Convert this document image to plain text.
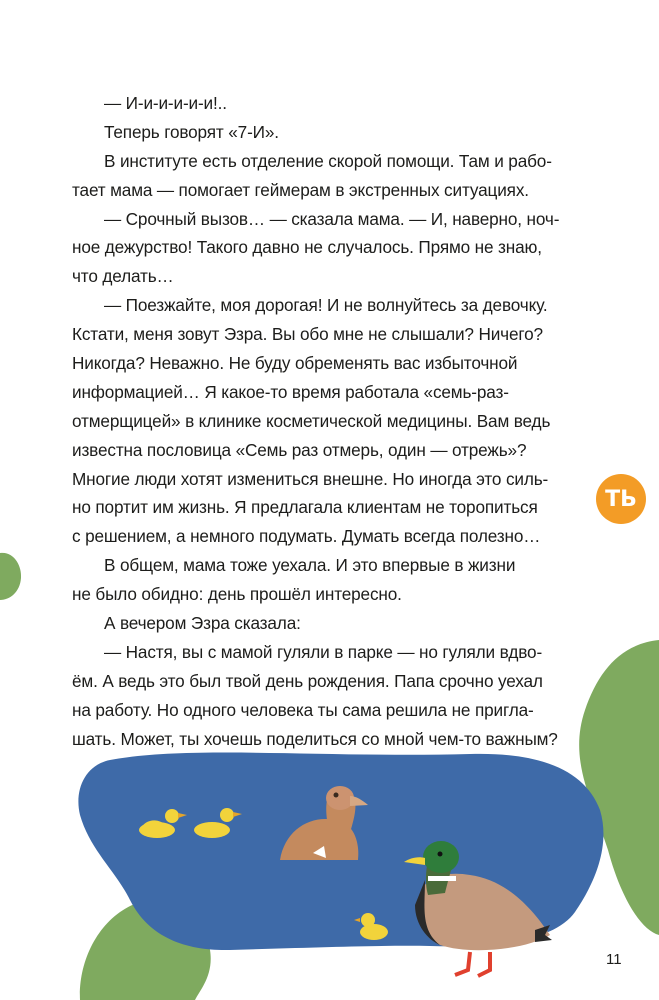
— И-и-и-и-и-и!..
Теперь говорят «7-И».
В институте есть отделение скорой помощи. Там и рабо-
тает мама — помогает геймерам в экстренных ситуациях.
— Срочный вызов… — сказала мама. — И, наверно, ноч-
ное дежурство! Такого давно не случалось. Прямо не знаю,
что делать…
— Поезжайте, моя дорогая! И не волнуйтесь за девочку.
Кстати, меня зовут Эзра. Вы обо мне не слышали? Ничего?
Никогда? Неважно. Не буду обременять вас избыточной
информацией… Я какое-то время работала «семь-раз-
отмерщицей» в клинике косметической медицины. Вам ведь
известна пословица «Семь раз отмерь, один — отрежь»?
Многие люди хотят измениться внешне. Но иногда это силь-
но портит им жизнь. Я предлагала клиентам не торопиться
с решением, а немного подумать. Думать всегда полезно…
В общем, мама тоже уехала. И это впервые в жизни
не было обидно: день прошёл интересно.
А вечером Эзра сказала:
— Настя, вы с мамой гуляли в парке — но гуляли вдво-
ём. А ведь это был твой день рождения. Папа срочно уехал
на работу. Но одного человека ты сама решила не пригла-
шать. Может, ты хочешь поделиться со мной чем-то важным?
ТЬ
11
